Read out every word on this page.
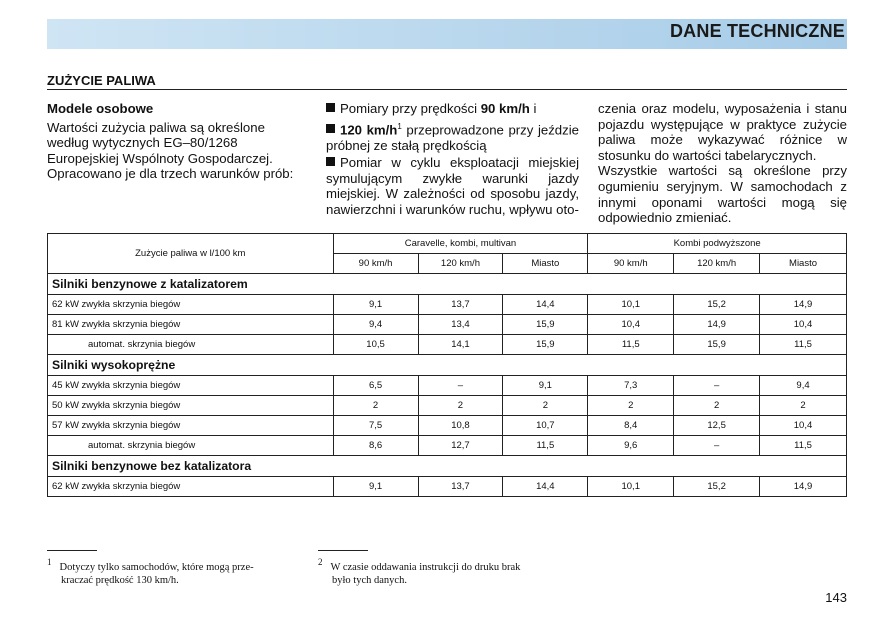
DANE TECHNICZNE
ZUŻYCIE PALIWA
Modele osobowe

Wartości zużycia paliwa są określone według wytycznych EG–80/1268 Europejskiej Wspólnoty Gospodarczej. Opracowano je dla trzech warunków prób:

Pomiary przy prędkości 90 km/h i

120 $km/h^1$ przeprowadzone przy jeździe próbnej ze stałą prędkością

Pomiar w cyklu eksploatacji miejskiej symulującym zwykłe warunki jazdy miejskiej. W zależności od sposobu jazdy, nawierzchni i warunków ruchu, wpływu oto-

czenia oraz modelu, wyposażenia i stanu pojazdu występujące w praktyce zużycie paliwa może wykazywać różnice w stosunku do wartości tabelarycznych.

Wszystkie wartości są określone przy ogumieniu seryjnym. W samochodach z innymi oponami wartości mogą się odpowiednio zmieniać.

Zużycie paliwa w l/100 km	Caravelle, kombi, multivan			Kombi podwyższone		
	90 km/h	120 km/h	Miasto	90 km/h	120 km/h	Miasto
Silniki benzynowe z katalizatorem						
62 kW zwykła skrzynia biegów	9,1	13,7	14,4	10,1	15,2	14,9
81 kW zwykła skrzynia biegów	9,4	13,4	15,9	10,4	14,9	10,4
automat. skrzynia biegów	10,5	14,1	15,9	11,5	15,9	11,5
Silniki wysokoprężne						
45 kW zwykła skrzynia biegów	6,5	–	9,1	7,3	–	9,4
50 kW zwykła skrzynia biegów	2	2	2	2	2	2
57 kW zwykła skrzynia biegów	7,5	10,8	10,7	8,4	12,5	10,4
automat. skrzynia biegów	8,6	12,7	11,5	9,6	–	11,5
Silniki benzynowe bez katalizatora						
62 kW zwykła skrzynia biegów	9,1	13,7	14,4	10,1	15,2	14,9
1 Dotyczy tylko samochodów, które mogą prze-
kraczać prędkość 130 km/h.
2 W czasie oddawania instrukcji do druku brak
było tych danych.
143
